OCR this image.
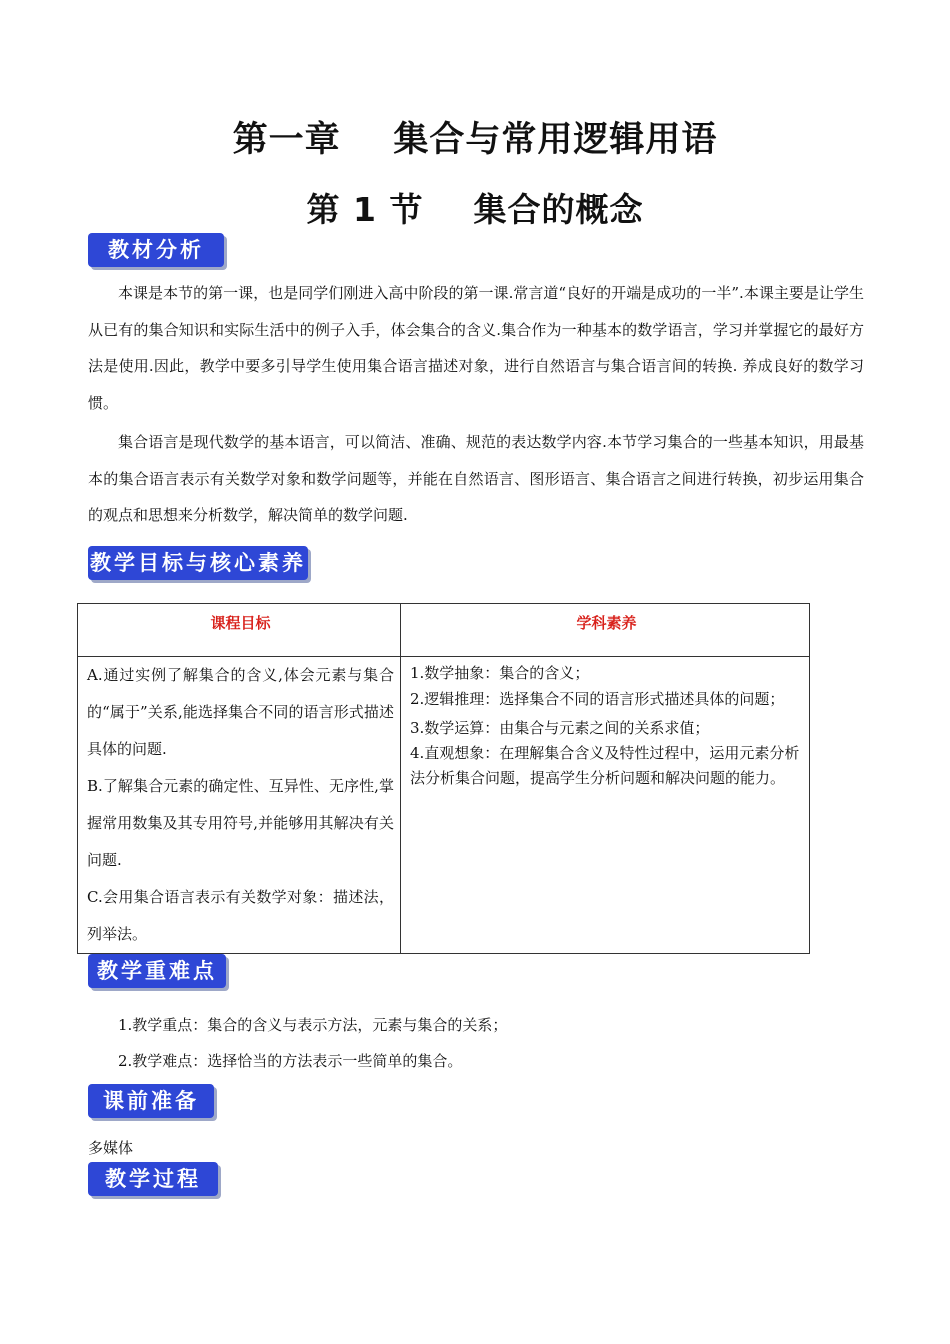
第一章    集合与常用逻辑用语
第 1 节    集合的概念
教材分析

本课是本节的第一课，也是同学们刚进入高中阶段的第一课.常言道“良好的开端是成功的一半”.本课主要是让学生从已有的集合知识和实际生活中的例子入手，体会集合的含义.集合作为一种基本的数学语言，学习并掌握它的最好方法是使用.因此，教学中要多引导学生使用集合语言描述对象，进行自然语言与集合语言间的转换. 养成良好的数学习惯。

集合语言是现代数学的基本语言，可以简洁、准确、规范的表达数学内容.本节学习集合的一些基本知识，用最基本的集合语言表示有关数学对象和数学问题等，并能在自然语言、图形语言、集合语言之间进行转换，初步运用集合的观点和思想来分析数学，解决简单的数学问题.

教学目标与核心素养
课程目标	学科素养

A.通过实例了解集合的含义,体会元素与集合的“属于”关系,能选择集合不同的语言形式描述具体的问题.
B.了解集合元素的确定性、互异性、无序性,掌握常用数集及其专用符号,并能够用其解决有关问题.
C.会用集合语言表示有关数学对象：描述法，列举法。	1.数学抽象：集合的含义；
2.逻辑推理：选择集合不同的语言形式描述具体的问题；
3.数学运算：由集合与元素之间的关系求值；
4.直观想象：在理解集合含义及特性过程中，运用元素分析法分析集合问题，提高学生分析问题和解决问题的能力。
教学重难点

1.教学重点：集合的含义与表示方法，元素与集合的关系；

2.教学难点：选择恰当的方法表示一些简单的集合。

课前准备

多媒体

教学过程
